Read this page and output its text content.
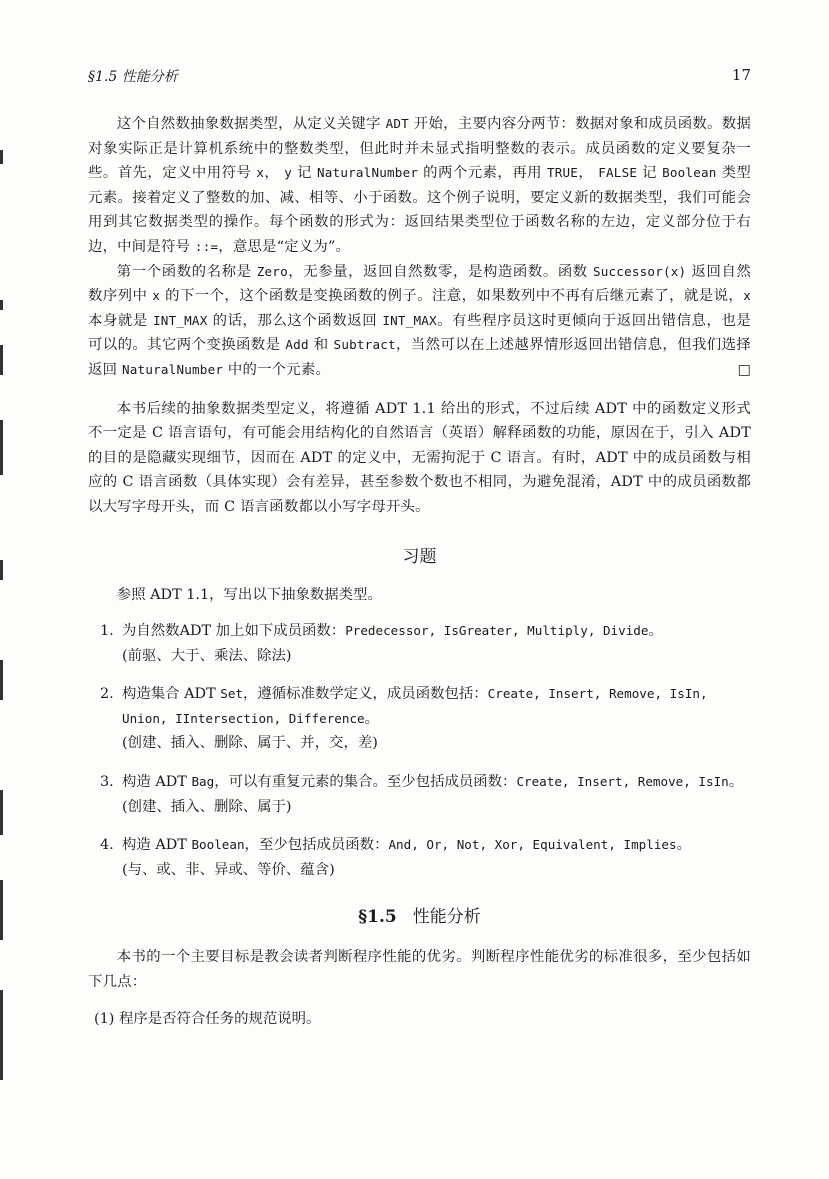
§1.5 性能分析	17

这个自然数抽象数据类型，从定义关键字 ADT 开始，主要内容分两节：数据对象和成员函数。数据对象实际正是计算机系统中的整数类型，但此时并未显式指明整数的表示。成员函数的定义要复杂一些。首先，定义中用符号 x， y 记 NaturalNumber 的两个元素，再用 TRUE， FALSE 记 Boolean 类型元素。接着定义了整数的加、减、相等、小于函数。这个例子说明，要定义新的数据类型，我们可能会用到其它数据类型的操作。每个函数的形式为：返回结果类型位于函数名称的左边，定义部分位于右边，中间是符号 ::=，意思是“定义为”。

第一个函数的名称是 Zero，无参量，返回自然数零，是构造函数。函数 Successor(x) 返回自然数序列中 x 的下一个，这个函数是变换函数的例子。注意，如果数列中不再有后继元素了，就是说，x 本身就是 INT_MAX 的话，那么这个函数返回 INT_MAX。有些程序员这时更倾向于返回出错信息，也是可以的。其它两个变换函数是 Add 和 Subtract，当然可以在上述越界情形返回出错信息，但我们选择返回 NaturalNumber 中的一个元素。	□

本书后续的抽象数据类型定义，将遵循 ADT 1.1 给出的形式，不过后续 ADT 中的函数定义形式不一定是 C 语言语句，有可能会用结构化的自然语言（英语）解释函数的功能，原因在于，引入 ADT 的目的是隐藏实现细节，因而在 ADT 的定义中，无需拘泥于 C 语言。有时，ADT 中的成员函数与相应的 C 语言函数（具体实现）会有差异，甚至参数个数也不相同，为避免混淆，ADT 中的成员函数都以大写字母开头，而 C 语言函数都以小写字母开头。

习题

参照 ADT 1.1，写出以下抽象数据类型。

1. 为自然数ADT 加上如下成员函数：Predecessor, IsGreater, Multiply, Divide。
(前驱、大于、乘法、除法)
2. 构造集合 ADT Set，遵循标准数学定义，成员函数包括：Create, Insert, Remove, IsIn, Union, IIntersection, Difference。
(创建、插入、删除、属于、并，交，差)
3. 构造 ADT Bag，可以有重复元素的集合。至少包括成员函数：Create, Insert, Remove, IsIn。
(创建、插入、删除、属于)
4. 构造 ADT Boolean，至少包括成员函数：And, Or, Not, Xor, Equivalent, Implies。
(与、或、非、异或、等价、蕴含)
§1.5 性能分析

本书的一个主要目标是教会读者判断程序性能的优劣。判断程序性能优劣的标准很多，至少包括如下几点：

(1) 程序是否符合任务的规范说明。
